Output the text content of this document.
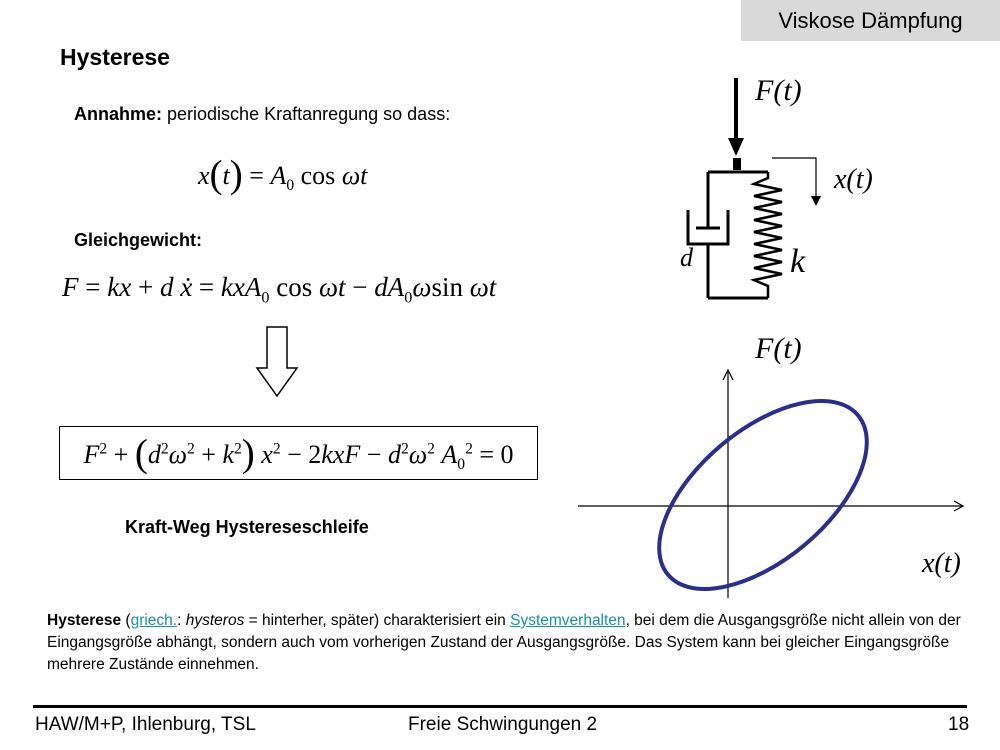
Viskose Dämpfung
Hysterese
Annahme: periodische Kraftanregung so dass:
$x(t) = A_0$ cos ωt
Gleichgewicht:
F = kx + d ẋ = kxA$_0$ $\cos \omega t - dA_0\omega\sin$ ωt
$F^2 + (d^2\omega^2 + k^2) x^2 - 2kxF - d^2\omega^2$ $A_0^2 = 0$
Kraft-Weg Hystereseschleife
F(t)
d	k
x(t)
F(t)
x(t)
Hysterese (griech.: hysteros = hinterher, später) charakterisiert ein Systemverhalten, bei dem die Ausgangsgröße nicht allein von der Eingangsgröße abhängt, sondern auch vom vorherigen Zustand der Ausgangsgröße. Das System kann bei gleicher Eingangsgröße mehrere Zustände einnehmen.
HAW/M+P, Ihlenburg, TSL	Freie Schwingungen 2	18
